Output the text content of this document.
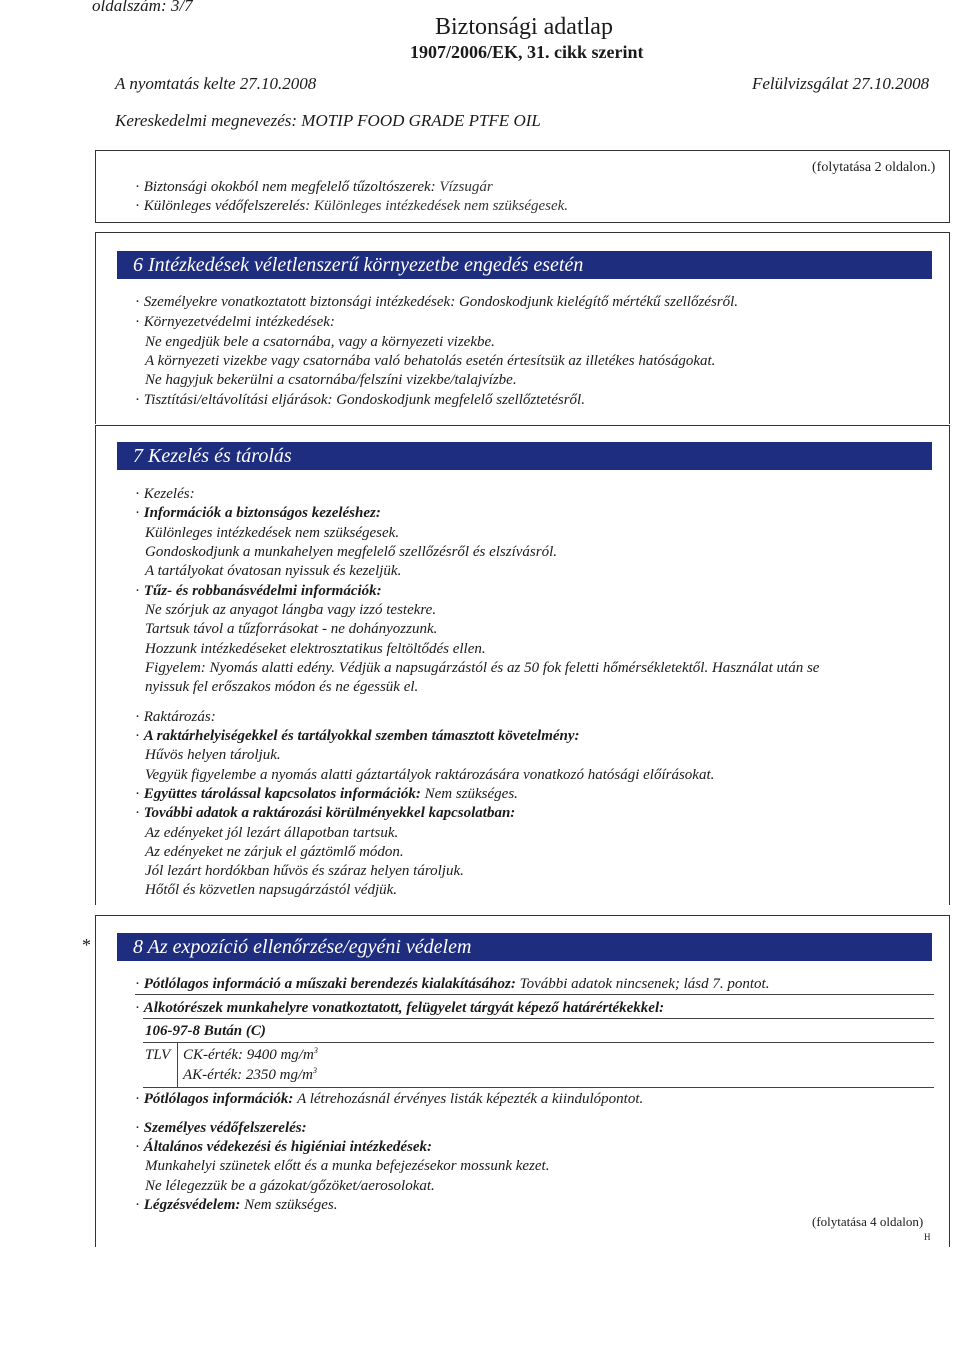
oldalszám: 3/7
Biztonsági adatlap
1907/2006/EK, 31. cikk szerint
A nyomtatás kelte 27.10.2008	Felülvizsgálat 27.10.2008
Kereskedelmi megnevezés: MOTIP FOOD GRADE PTFE OIL
(folytatása 2 oldalon.)
· Biztonsági okokból nem megfelelő tűzoltószerek: Vízsugár
· Különleges védőfelszerelés: Különleges intézkedések nem szükségesek.
6 Intézkedések véletlenszerű környezetbe engedés esetén
· Személyekre vonatkoztatott biztonsági intézkedések: Gondoskodjunk kielégítő mértékű szellőzésről.
· Környezetvédelmi intézkedések:
Ne engedjük bele a csatornába, vagy a környezeti vizekbe.
A környezeti vizekbe vagy csatornába való behatolás esetén értesítsük az illetékes hatóságokat.
Ne hagyjuk bekerülni a csatornába/felszíni vizekbe/talajvízbe.
· Tisztítási/eltávolítási eljárások: Gondoskodjunk megfelelő szellőztetésről.
7 Kezelés és tárolás
· Kezelés:
· Információk a biztonságos kezeléshez:
Különleges intézkedések nem szükségesek.
Gondoskodjunk a munkahelyen megfelelő szellőzésről és elszívásról.
A tartályokat óvatosan nyissuk és kezeljük.
· Tűz- és robbanásvédelmi információk:
Ne szórjuk az anyagot lángba vagy izzó testekre.
Tartsuk távol a tűzforrásokat - ne dohányozzunk.
Hozzunk intézkedéseket elektrosztatikus feltöltődés ellen.
Figyelem: Nyomás alatti edény. Védjük a napsugárzástól és az 50 fok feletti hőmérsékletektől. Használat után se
nyissuk fel erőszakos módon és ne égessük el.
· Raktározás:
· A raktárhelyiségekkel és tartályokkal szemben támasztott követelmény:
Hűvös helyen tároljuk.
Vegyük figyelembe a nyomás alatti gáztartályok raktározására vonatkozó hatósági előírásokat.
· Együttes tárolással kapcsolatos információk: Nem szükséges.
· További adatok a raktározási körülményekkel kapcsolatban:
Az edényeket jól lezárt állapotban tartsuk.
Az edényeket ne zárjuk el gáztömlő módon.
Jól lezárt hordókban hűvös és száraz helyen tároljuk.
Hőtől és közvetlen napsugárzástól védjük.
*	8 Az expozíció ellenőrzése/egyéni védelem
· Pótlólagos információ a műszaki berendezés kialakításához: További adatok nincsenek; lásd 7. pontot.
· Alkotórészek munkahelyre vonatkoztatott, felügyelet tárgyát képező határértékekkel:
106-97-8 Bután (C)
TLV CK-érték: 9400 $mg/m^3$
AK-érték: 2350 $mg/m^3$
· Pótlólagos információk: A létrehozásnál érvényes listák képezték a kiindulópontot.
· Személyes védőfelszerelés:
· Általános védekezési és higiéniai intézkedések:
Munkahelyi szünetek előtt és a munka befejezésekor mossunk kezet.
Ne lélegezzük be a gázokat/gőzöket/aerosolokat.
· Légzésvédelem: Nem szükséges.
(folytatása 4 oldalon)
H
